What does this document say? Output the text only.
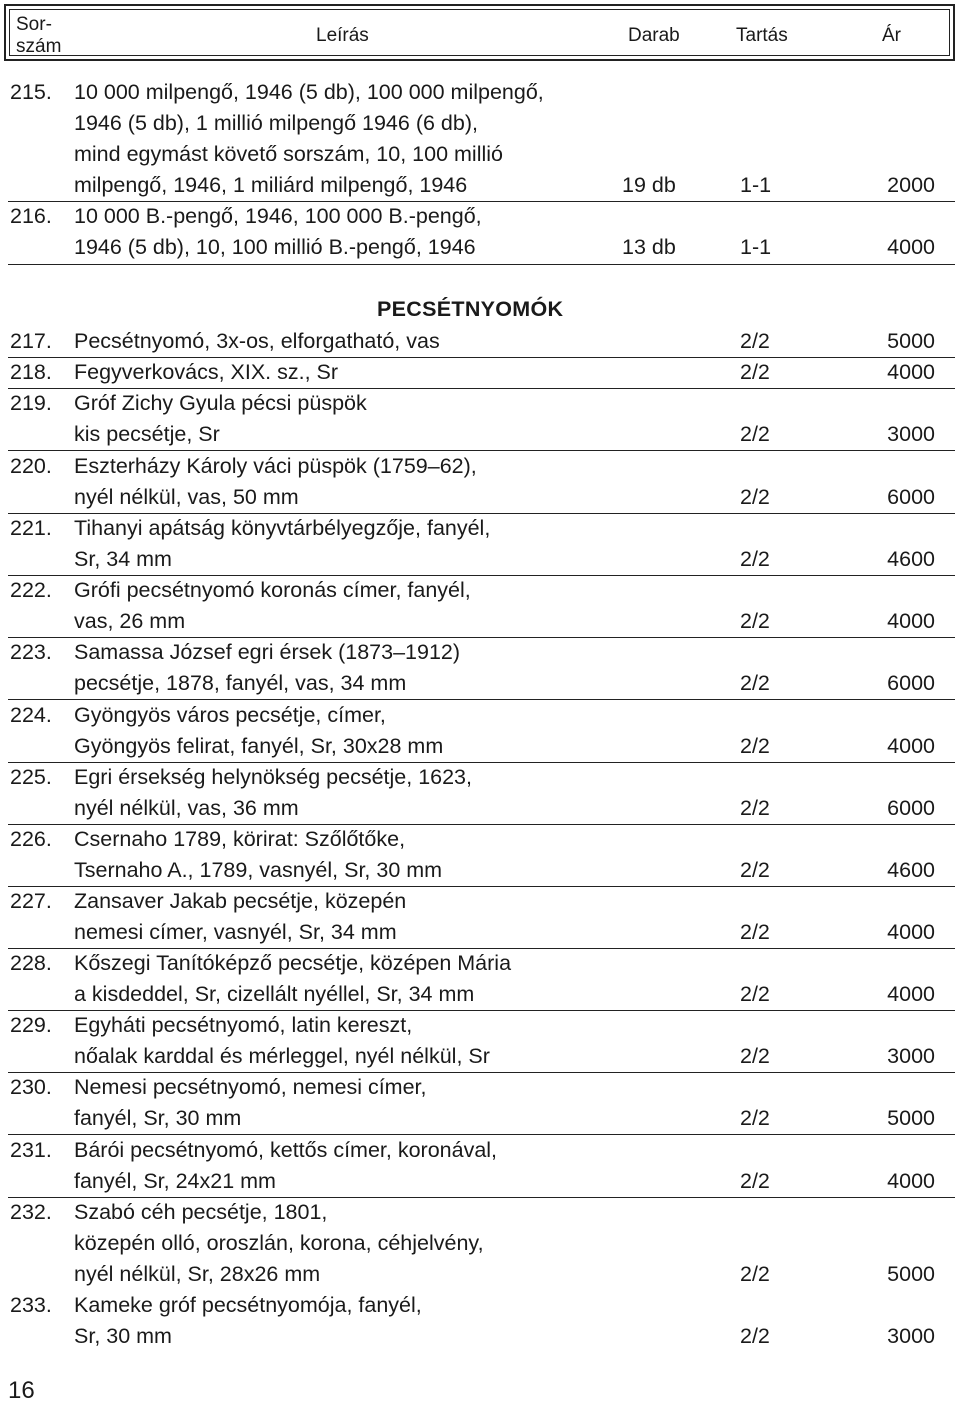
Sor-
szám
Leírás	Darab	Tartás	Ár
PECSÉTNYOMÓK
215.	10 000 milpengő, 1946 (5 db), 100 000 milpengő,
1946 (5 db), 1 millió milpengő 1946 (6 db),
mind egymást követő sorszám, 10, 100 millió
milpengő, 1946, 1 miliárd milpengő, 1946	19 db	1-1	2000
216.	10 000 B.-pengő, 1946, 100 000 B.-pengő,
1946 (5 db), 10, 100 millió B.-pengő, 1946	13 db	1-1	4000
217.	Pecsétnyomó, 3x-os, elforgatható, vas	2/2	5000
218.	Fegyverkovács, XIX. sz., Sr	2/2	4000
219.	Gróf Zichy Gyula pécsi püspök
kis pecsétje, Sr	2/2	3000
220.	Eszterházy Károly váci püspök (1759–62),
nyél nélkül, vas, 50 mm	2/2	6000
221.	Tihanyi apátság könyvtárbélyegzője, fanyél,
Sr, 34 mm	2/2	4600
222.	Grófi pecsétnyomó koronás címer, fanyél,
vas, 26 mm	2/2	4000
223.	Samassa József egri érsek (1873–1912)
pecsétje, 1878, fanyél, vas, 34 mm	2/2	6000
224.	Gyöngyös város pecsétje, címer,
Gyöngyös felirat, fanyél, Sr, 30x28 mm	2/2	4000
225.	Egri érsekség helynökség pecsétje, 1623,
nyél nélkül, vas, 36 mm	2/2	6000
226.	Csernaho 1789, körirat: Szőlőtőke,
Tsernaho A., 1789, vasnyél, Sr, 30 mm	2/2	4600
227.	Zansaver Jakab pecsétje, közepén
nemesi címer, vasnyél, Sr, 34 mm	2/2	4000
228.	Kőszegi Tanítóképző pecsétje, középen Mária
a kisdeddel, Sr, cizellált nyéllel, Sr, 34 mm	2/2	4000
229.	Egyháti pecsétnyomó, latin kereszt,
nőalak karddal és mérleggel, nyél nélkül, Sr	2/2	3000
230.	Nemesi pecsétnyomó, nemesi címer,
fanyél, Sr, 30 mm	2/2	5000
231.	Bárói pecsétnyomó, kettős címer, koronával,
fanyél, Sr, 24x21 mm	2/2	4000
232.	Szabó céh pecsétje, 1801,
közepén olló, oroszlán, korona, céhjelvény,
nyél nélkül, Sr, 28x26 mm	2/2	5000
233.	Kameke gróf pecsétnyomója, fanyél,
Sr, 30 mm	2/2	3000
16
